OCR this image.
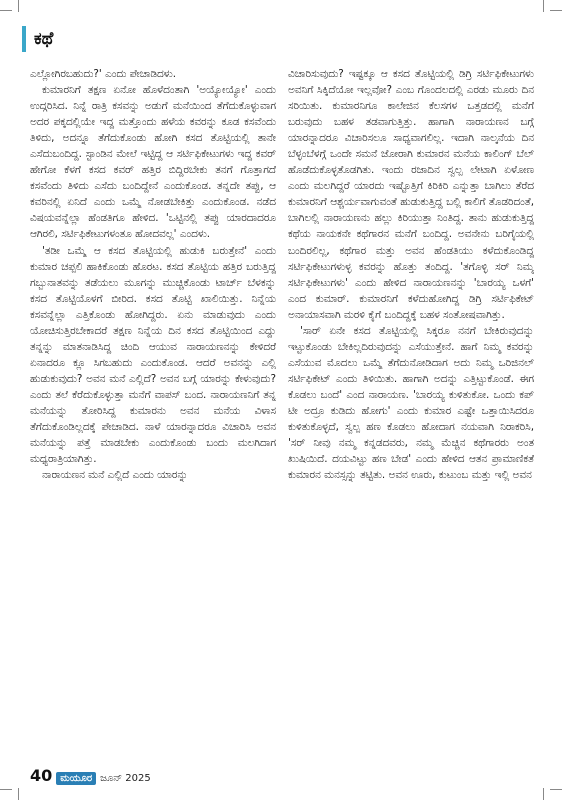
ಕಥೆ

ಎಲ್ಲೋಗಿರಬಹುದು?' ಎಂದು ಪೇಚಾಡಿದಳು.

ಕುಮಾರನಿಗೆ ತಕ್ಷಣ ಏನೋ ಹೊಳೆದಂತಾಗಿ 'ಅಯ್ಯೋಯ್ಯೋ' ಎಂದು ಉದ್ಗರಿಸಿದ. ನಿನ್ನೆ ರಾತ್ರಿ ಕಸವನ್ನು ಅಡುಗೆ ಮನೆಯಿಂದ ತೆಗೆದುಕೊಳ್ಳುವಾಗ ಅದರ ಪಕ್ಕದಲ್ಲಿಯೇ ಇದ್ದ ಮತ್ತೊಂದು ಹಳೆಯ ಕವರನ್ನು ಕೂಡ ಕಸವೆಂದು ತಿಳಿದು, ಅದನ್ನೂ ತೆಗೆದುಕೊಂಡು ಹೋಗಿ ಕಸದ ತೊಟ್ಟಿಯಲ್ಲಿ ತಾನೇ ಎಸೆದುಬಂದಿದ್ದ. ಸ್ಟಾಂಡಿನ ಮೇಲೆ ಇಟ್ಟಿದ್ದ ಆ ಸರ್ಟಿಫಿಕೇಟುಗಳು ಇದ್ದ ಕವರ್ ಹೇಗೋ ಕೆಳಗೆ ಕಸದ ಕವರ್ ಹತ್ತಿರ ಬಿದ್ದಿರಬೇಕು ತನಗೆ ಗೊತ್ತಾಗದೆ ಕಸವೆಂದು ತಿಳಿದು ಎಸೆದು ಬಂದಿದ್ದೇನೆ ಎಂದುಕೊಂಡ. ತನ್ನದೇ ತಪ್ಪು, ಆ ಕವರಿನಲ್ಲಿ ಏನಿದೆ ಎಂದು ಒಮ್ಮೆ ನೋಡಬೇಕಿತ್ತು ಎಂದುಕೊಂಡ. ನಡೆದ ವಿಷಯವನ್ನೆಲ್ಲಾ ಹೆಂಡತಿಗೂ ಹೇಳಿದ. 'ಒಟ್ಟಿನಲ್ಲಿ ತಪ್ಪು ಯಾರದಾದರೂ ಆಗಿರಲಿ, ಸರ್ಟಿಫಿಕೇಟುಗಳಂತೂ ಹೋದವಲ್ಲ' ಎಂದಳು.

'ತಡೀ ಒಮ್ಮೆ ಆ ಕಸದ ತೊಟ್ಟಿಯಲ್ಲಿ ಹುಡುಕಿ ಬರುತ್ತೇನೆ' ಎಂದು ಕುಮಾರ ಚಪ್ಪಲಿ ಹಾಕಿಕೊಂಡು ಹೊರಟ. ಕಸದ ತೊಟ್ಟಿಯ ಹತ್ತಿರ ಬರುತ್ತಿದ್ದ ಗಬ್ಬುನಾತವನ್ನು ತಡೆಯಲು ಮೂಗನ್ನು ಮುಚ್ಚಿಕೊಂಡು ಟಾರ್ಚ್ ಬೆಳಕನ್ನು ಕಸದ ತೊಟ್ಟಿಯೊಳಗೆ ಬೀರಿದ. ಕಸದ ತೊಟ್ಟಿ ಖಾಲಿಯಿತ್ತು. ನಿನ್ನೆಯ ಕಸವನ್ನೆಲ್ಲಾ ಎತ್ತಿಕೊಂಡು ಹೋಗಿದ್ದರು. ಏನು ಮಾಡುವುದು ಎಂದು ಯೋಚಿಸುತ್ತಿರಬೇಕಾದರೆ ತಕ್ಷಣ ನಿನ್ನೆಯ ದಿನ ಕಸದ ತೊಟ್ಟಿಯಿಂದ ಎದ್ದು ತನ್ನನ್ನು ಮಾತನಾಡಿಸಿದ್ದ ಚಿಂದಿ ಆಯುವ ನಾರಾಯಣನನ್ನು ಕೇಳಿದರೆ ಏನಾದರೂ ಕ್ಲೂ ಸಿಗಬಹುದು ಎಂದುಕೊಂಡ. ಆದರೆ ಅವನನ್ನು ಎಲ್ಲಿ ಹುಡುಕುವುದು? ಅವನ ಮನೆ ಎಲ್ಲಿದೆ? ಅವನ ಬಗ್ಗೆ ಯಾರನ್ನು ಕೇಳುವುದು? ಎಂದು ತಲೆ ಕೆರೆದುಕೊಳ್ಳುತ್ತಾ ಮನೆಗೆ ವಾಪಸ್ ಬಂದ. ನಾರಾಯಣನಿಗೆ ತನ್ನ ಮನೆಯನ್ನು ತೋರಿಸಿದ್ದ ಕುಮಾರನು ಅವನ ಮನೆಯ ವಿಳಾಸ ತೆಗೆದುಕೊಂಡಿಲ್ಲದಕ್ಕೆ ಪೇಚಾಡಿದ. ನಾಳೆ ಯಾರನ್ನಾದರೂ ವಿಚಾರಿಸಿ ಅವನ ಮನೆಯನ್ನು ಪತ್ತೆ ಮಾಡಬೇಕು ಎಂದುಕೊಂಡು ಬಂದು ಮಲಗಿದಾಗ ಮಧ್ಯರಾತ್ರಿಯಾಗಿತ್ತು.

ನಾರಾಯಣನ ಮನೆ ಎಲ್ಲಿದೆ ಎಂದು ಯಾರನ್ನು

ವಿಚಾರಿಸುವುದು? ಇಷ್ಟಕ್ಕೂ ಆ ಕಸದ ತೊಟ್ಟಿಯಲ್ಲಿ ಡಿಗ್ರಿ ಸರ್ಟಿಫಿಕೇಟುಗಳು ಅವನಿಗೆ ಸಿಕ್ಕಿದೆಯೋ ಇಲ್ಲವೋ? ಎಂಬ ಗೊಂದಲದಲ್ಲಿ ಎರಡು ಮೂರು ದಿನ ಸರಿಯಿತು. ಕುಮಾರನಿಗೂ ಕಾಲೇಜಿನ ಕೆಲಸಗಳ ಒತ್ತಡದಲ್ಲಿ ಮನೆಗೆ ಬರುವುದು ಬಹಳ ತಡವಾಗುತ್ತಿತ್ತು. ಹಾಗಾಗಿ ನಾರಾಯಣನ ಬಗ್ಗೆ ಯಾರನ್ನಾದರೂ ವಿಚಾರಿಸಲೂ ಸಾಧ್ಯವಾಗಲಿಲ್ಲ. ಇದಾಗಿ ನಾಲ್ಕನೆಯ ದಿನ ಬೆಳ್ಳಂಬೆಳಗ್ಗೆ ಒಂದೇ ಸಮನೆ ಜೋರಾಗಿ ಕುಮಾರನ ಮನೆಯ ಕಾಲಿಂಗ್ ಬೆಲ್ ಹೊಡೆದುಕೊಳ್ಳತೊಡಗಿತು. ಇಂದು ರಜಾದಿನ ಸ್ವಲ್ಪ ಲೇಟಾಗಿ ಏಳೋಣ ಎಂದು ಮಲಗಿದ್ದರೆ ಯಾರದು ಇಷ್ಟೊತ್ತಿಗೆ ಕಿರಿಕಿರಿ ಎನ್ನುತ್ತಾ ಬಾಗಿಲು ತೆರೆದ ಕುಮಾರನಿಗೆ ಆಶ್ಚರ್ಯವಾಗುವಂತೆ ಹುಡುಕುತ್ತಿದ್ದ ಬಲ್ಲಿ ಕಾಲಿಗೆ ತೊಡರಿದಂತೆ, ಬಾಗಿಲಲ್ಲಿ ನಾರಾಯಣನು ಹಲ್ಲು ಕಿರಿಯುತ್ತಾ ನಿಂತಿದ್ದ. ತಾನು ಹುಡುಕುತ್ತಿದ್ದ ಕಥೆಯ ನಾಯಕನೇ ಕಥೆಗಾರನ ಮನೆಗೆ ಬಂದಿದ್ದ. ಅವನೇನು ಬರಿಗೈಯಲ್ಲಿ ಬಂದಿರಲಿಲ್ಲ, ಕಥೆಗಾರ ಮತ್ತು ಅವನ ಹೆಂಡತಿಯು ಕಳೆದುಕೊಂಡಿದ್ದ ಸರ್ಟಿಫಿಕೇಟುಗಳುಳ್ಳ ಕವರನ್ನು ಹೊತ್ತು ತಂದಿದ್ದ. 'ತಗೊಳ್ಳಿ ಸರ್ ನಿಮ್ಮ ಸರ್ಟಿಫಿಕೇಟುಗಳು' ಎಂದು ಹೇಳಿದ ನಾರಾಯಣನನ್ನು 'ಬಾರಯ್ಯ ಒಳಗೆ' ಎಂದ ಕುಮಾರ್. ಕುಮಾರನಿಗೆ ಕಳೆದುಹೋಗಿದ್ದ ಡಿಗ್ರಿ ಸರ್ಟಿಫಿಕೇಟ್ ಅನಾಯಾಸವಾಗಿ ಮರಳಿ ಕೈಗೆ ಬಂದಿದ್ದಕ್ಕೆ ಬಹಳ ಸಂತೋಷವಾಗಿತ್ತು.

'ಸಾರ್ ಏನೇ ಕಸದ ತೊಟ್ಟಿಯಲ್ಲಿ ಸಿಕ್ಕರೂ ನನಗೆ ಬೇಕಿರುವುದನ್ನು ಇಟ್ಟುಕೊಂಡು ಬೇಕಿಲ್ಲದಿರುವುದನ್ನು ಎಸೆಯುತ್ತೇನೆ. ಹಾಗೆ ನಿಮ್ಮ ಕವರನ್ನು ಎಸೆಯುವ ಮೊದಲು ಒಮ್ಮೆ ತೆಗೆದುನೋಡಿದಾಗ ಅದು ನಿಮ್ಮ ಒರಿಜಿನಲ್ ಸರ್ಟಿಫಿಕೇಟ್ ಎಂದು ತಿಳಿಯಿತು. ಹಾಗಾಗಿ ಅದನ್ನು ಎತ್ತಿಟ್ಟುಕೊಂಡೆ. ಈಗ ಕೊಡಲು ಬಂದೆ' ಎಂದ ನಾರಾಯಣ. 'ಬಾರಯ್ಯ ಕುಳಿತುಕೋ. ಒಂದು ಕಪ್ ಟೀ ಅದ್ರೂ ಕುಡಿದು ಹೋಗು' ಎಂದು ಕುಮಾರ ಎಷ್ಟೇ ಒತ್ತಾಯಿಸಿದರೂ ಕುಳಿತುಕೊಳ್ಳದೆ, ಸ್ವಲ್ಪ ಹಣ ಕೊಡಲು ಹೋದಾಗ ನಯವಾಗಿ ನಿರಾಕರಿಸಿ, 'ಸರ್ ನೀವು ನಮ್ಮ ಕನ್ನಡದವರು, ನಮ್ಮ ಮೆಚ್ಚಿನ ಕಥೆಗಾರರು ಅಂತ ಖುಷಿಯಿದೆ. ದಯವಿಟ್ಟು ಹಣ ಬೇಡ' ಎಂದು ಹೇಳಿದ ಆತನ ಪ್ರಾಮಾಣಿಕತೆ ಕುಮಾರನ ಮನಸ್ಸನ್ನು ತಟ್ಟಿತು. ಅವನ ಊರು, ಕುಟುಂಬ ಮತ್ತು ಇಲ್ಲಿ ಅವನ

40 ಮಯೂರ ಜೂನ್ 2025
